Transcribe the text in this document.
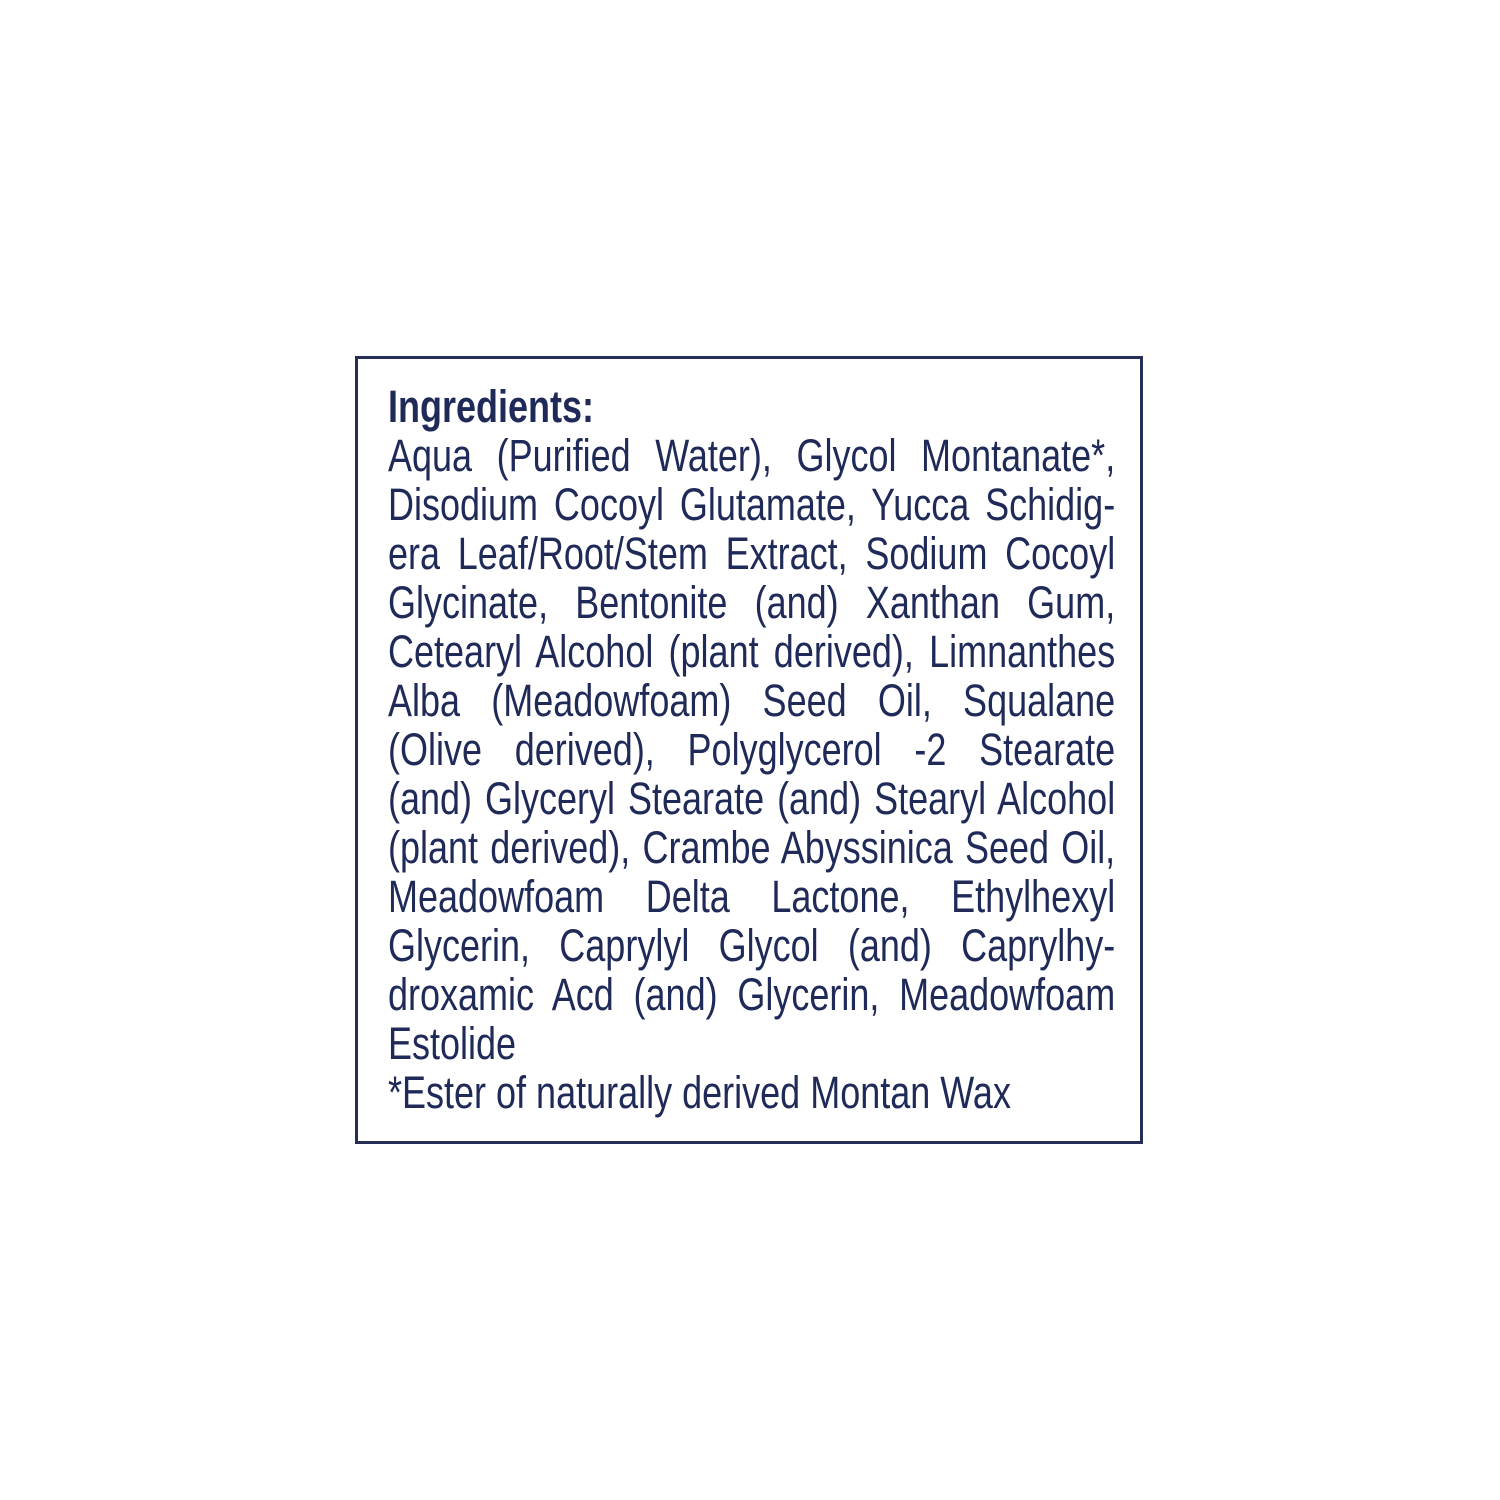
Ingredients:
Aqua (Purified Water), Glycol Montanate*,
Disodium Cocoyl Glutamate, Yucca Schidig-
era Leaf/Root/Stem Extract, Sodium Cocoyl
Glycinate, Bentonite (and) Xanthan Gum,
Cetearyl Alcohol (plant derived), Limnanthes
Alba (Meadowfoam) Seed Oil, Squalane
(Olive derived), Polyglycerol -2 Stearate
(and) Glyceryl Stearate (and) Stearyl Alcohol
(plant derived), Crambe Abyssinica Seed Oil,
Meadowfoam Delta Lactone, Ethylhexyl
Glycerin, Caprylyl Glycol (and) Caprylhy-
droxamic Acd (and) Glycerin, Meadowfoam
Estolide
*Ester of naturally derived Montan Wax
